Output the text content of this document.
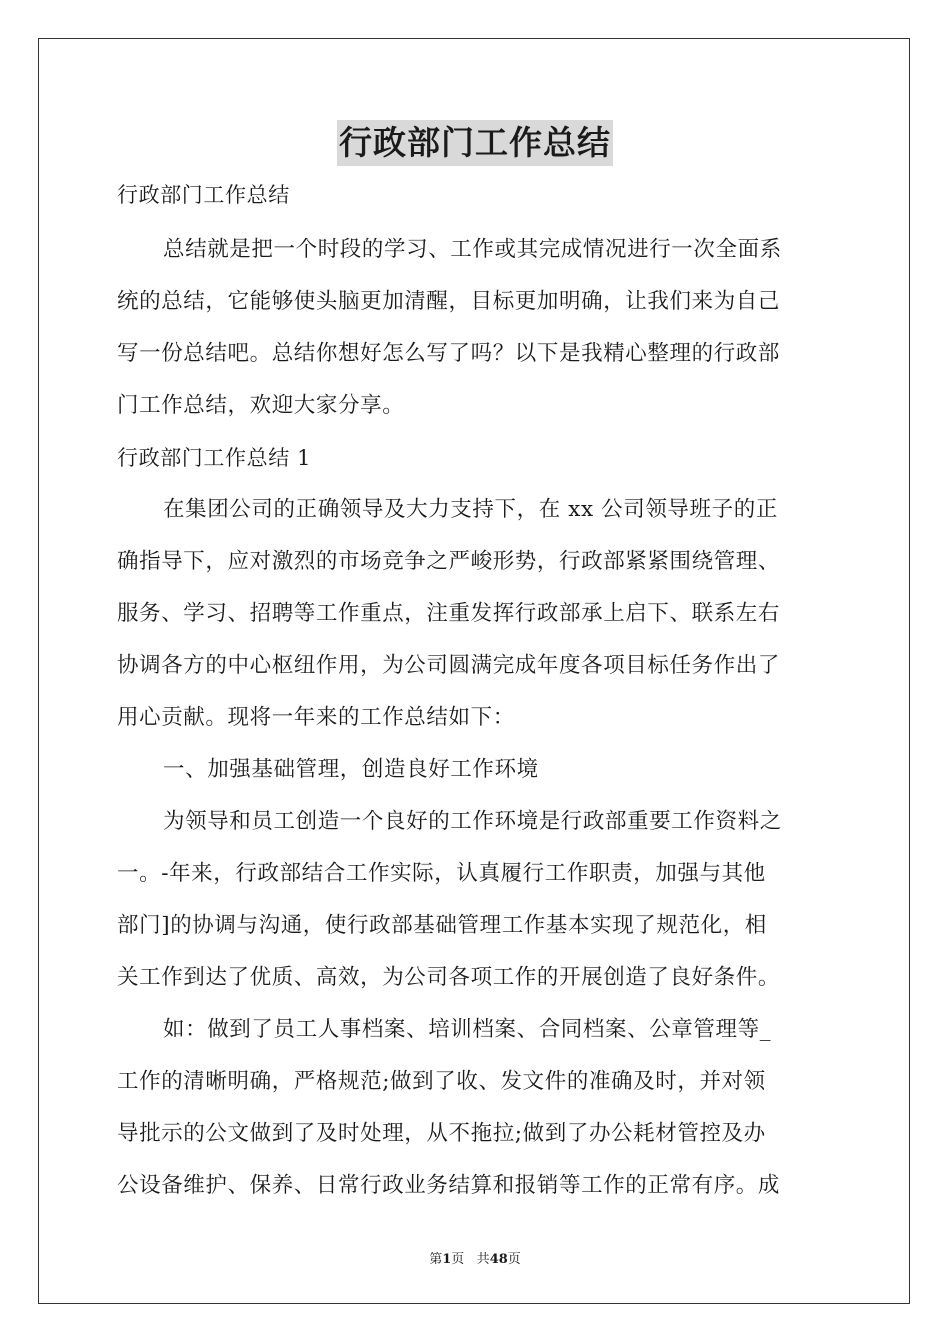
行政部门工作总结

行政部门工作总结

总结就是把一个时段的学习、工作或其完成情况进行一次全面系

统的总结，它能够使头脑更加清醒，目标更加明确，让我们来为自己

写一份总结吧。总结你想好怎么写了吗？以下是我精心整理的行政部

门工作总结，欢迎大家分享。

行政部门工作总结 1

在集团公司的正确领导及大力支持下，在 xx 公司领导班子的正

确指导下，应对激烈的市场竞争之严峻形势，行政部紧紧围绕管理、

服务、学习、招聘等工作重点，注重发挥行政部承上启下、联系左右

协调各方的中心枢纽作用，为公司圆满完成年度各项目标任务作出了

用心贡献。现将一年来的工作总结如下：

一、加强基础管理，创造良好工作环境

为领导和员工创造一个良好的工作环境是行政部重要工作资料之

一。-年来，行政部结合工作实际，认真履行工作职责，加强与其他

部门]的协调与沟通，使行政部基础管理工作基本实现了规范化，相

关工作到达了优质、高效，为公司各项工作的开展创造了良好条件。

如：做到了员工人事档案、培训档案、合同档案、公章管理等_

工作的清晰明确，严格规范;做到了收、发文件的准确及时，并对领

导批示的公文做到了及时处理，从不拖拉;做到了办公耗材管控及办

公设备维护、保养、日常行政业务结算和报销等工作的正常有序。成

第1页 共48页
